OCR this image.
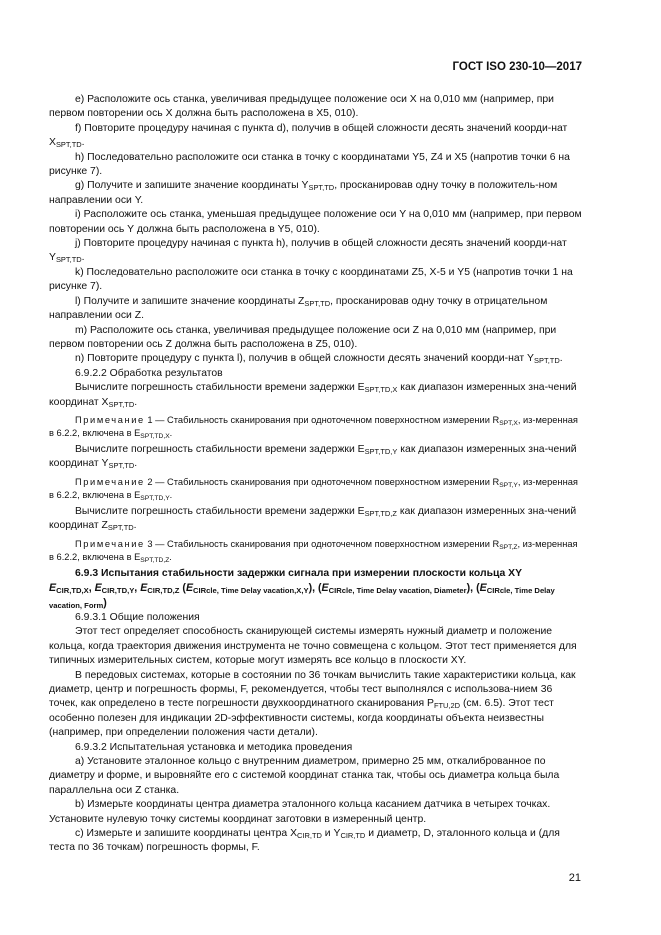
ГОСТ ISO 230-10—2017

e) Расположите ось станка, увеличивая предыдущее положение оси X на 0,010 мм (например, при первом повторении ось X должна быть расположена в X5, 010).

f) Повторите процедуру начиная с пункта d), получив в общей сложности десять значений коорди-нат $X_{SPT,TD}$.

h) Последовательно расположите оси станка в точку с координатами Y5, Z4 и X5 (напротив точки 6 на рисунке 7).

g) Получите и запишите значение координаты $Y_{SPT,TD}$, просканировав одну точку в положитель-ном направлении оси Y.

i) Расположите ось станка, уменьшая предыдущее положение оси Y на 0,010 мм (например, при первом повторении ось Y должна быть расположена в Y5, 010).

j) Повторите процедуру начиная с пункта h), получив в общей сложности десять значений коорди-нат $Y_{SPT,TD}$.

k) Последовательно расположите оси станка в точку с координатами Z5, X-5 и Y5 (напротив точки 1 на рисунке 7).

l) Получите и запишите значение координаты $Z_{SPT,TD}$, просканировав одну точку в отрицательном направлении оси Z.

m) Расположите ось станка, увеличивая предыдущее положение оси Z на 0,010 мм (например, при первом повторении ось Z должна быть расположена в Z5, 010).

n) Повторите процедуру с пункта l), получив в общей сложности десять значений коорди-нат $Y_{SPT,TD}$.

6.9.2.2 Обработка результатов

Вычислите погрешность стабильности времени задержки $E_{SPT,TD,X}$ как диапазон измеренных зна-чений координат $X_{SPT,TD}$.

Примечание 1 — Стабильность сканирования при одноточечном поверхностном измерении $R_{SPT,X}$, из-меренная в 6.2.2, включена в $E_{SPT,TD,X}$.

Вычислите погрешность стабильности времени задержки $E_{SPT,TD,Y}$ как диапазон измеренных зна-чений координат $Y_{SPT,TD}$.

Примечание 2 — Стабильность сканирования при одноточечном поверхностном измерении $R_{SPT,Y}$, из-меренная в 6.2.2, включена в $E_{SPT,TD,Y}$.

Вычислите погрешность стабильности времени задержки $E_{SPT,TD,Z}$ как диапазон измеренных зна-чений координат $Z_{SPT,TD}$.

Примечание 3 — Стабильность сканирования при одноточечном поверхностном измерении $R_{SPT,Z}$, из-меренная в 6.2.2, включена в $E_{SPT,TD,Z}$.

6.9.3 Испытания стабильности задержки сигнала при измерении плоскости кольца XY

$E_{CIR,TD,X}$, $E_{CIR,TD,Y}$, $E_{CIR,TD,Z}$ $(E_{CIRcle, Time Delay vacation,X,Y})$, $(E_{CIRcle, Time Delay vacation, Diameter})$, $(E_{CIRcle, Time Delay vacation, Form})$

6.9.3.1 Общие положения

Этот тест определяет способность сканирующей системы измерять нужный диаметр и положение кольца, когда траектория движения инструмента не точно совмещена с кольцом. Этот тест применяется для типичных измерительных систем, которые могут измерять все кольцо в плоскости XY.

В передовых системах, которые в состоянии по 36 точкам вычислить такие характеристики кольца, как диаметр, центр и погрешность формы, F, рекомендуется, чтобы тест выполнялся с использова-нием 36 точек, как определено в тесте погрешности двухкоординатного сканирования $P_{FTU,2D}$ (см. 6.5). Этот тест особенно полезен для индикации 2D-эффективности системы, когда координаты объекта неизвестны (например, при определении положения части детали).

6.9.3.2 Испытательная установка и методика проведения

a) Установите эталонное кольцо с внутренним диаметром, примерно 25 мм, откалиброванное по диаметру и форме, и выровняйте его с системой координат станка так, чтобы ось диаметра кольца была параллельна оси Z станка.

b) Измерьте координаты центра диаметра эталонного кольца касанием датчика в четырех точках. Установите нулевую точку системы координат заготовки в измеренный центр.

c) Измерьте и запишите координаты центра $X_{CIR,TD}$ и $Y_{CIR,TD}$ и диаметр, D, эталонного кольца и (для теста по 36 точкам) погрешность формы, F.

21
